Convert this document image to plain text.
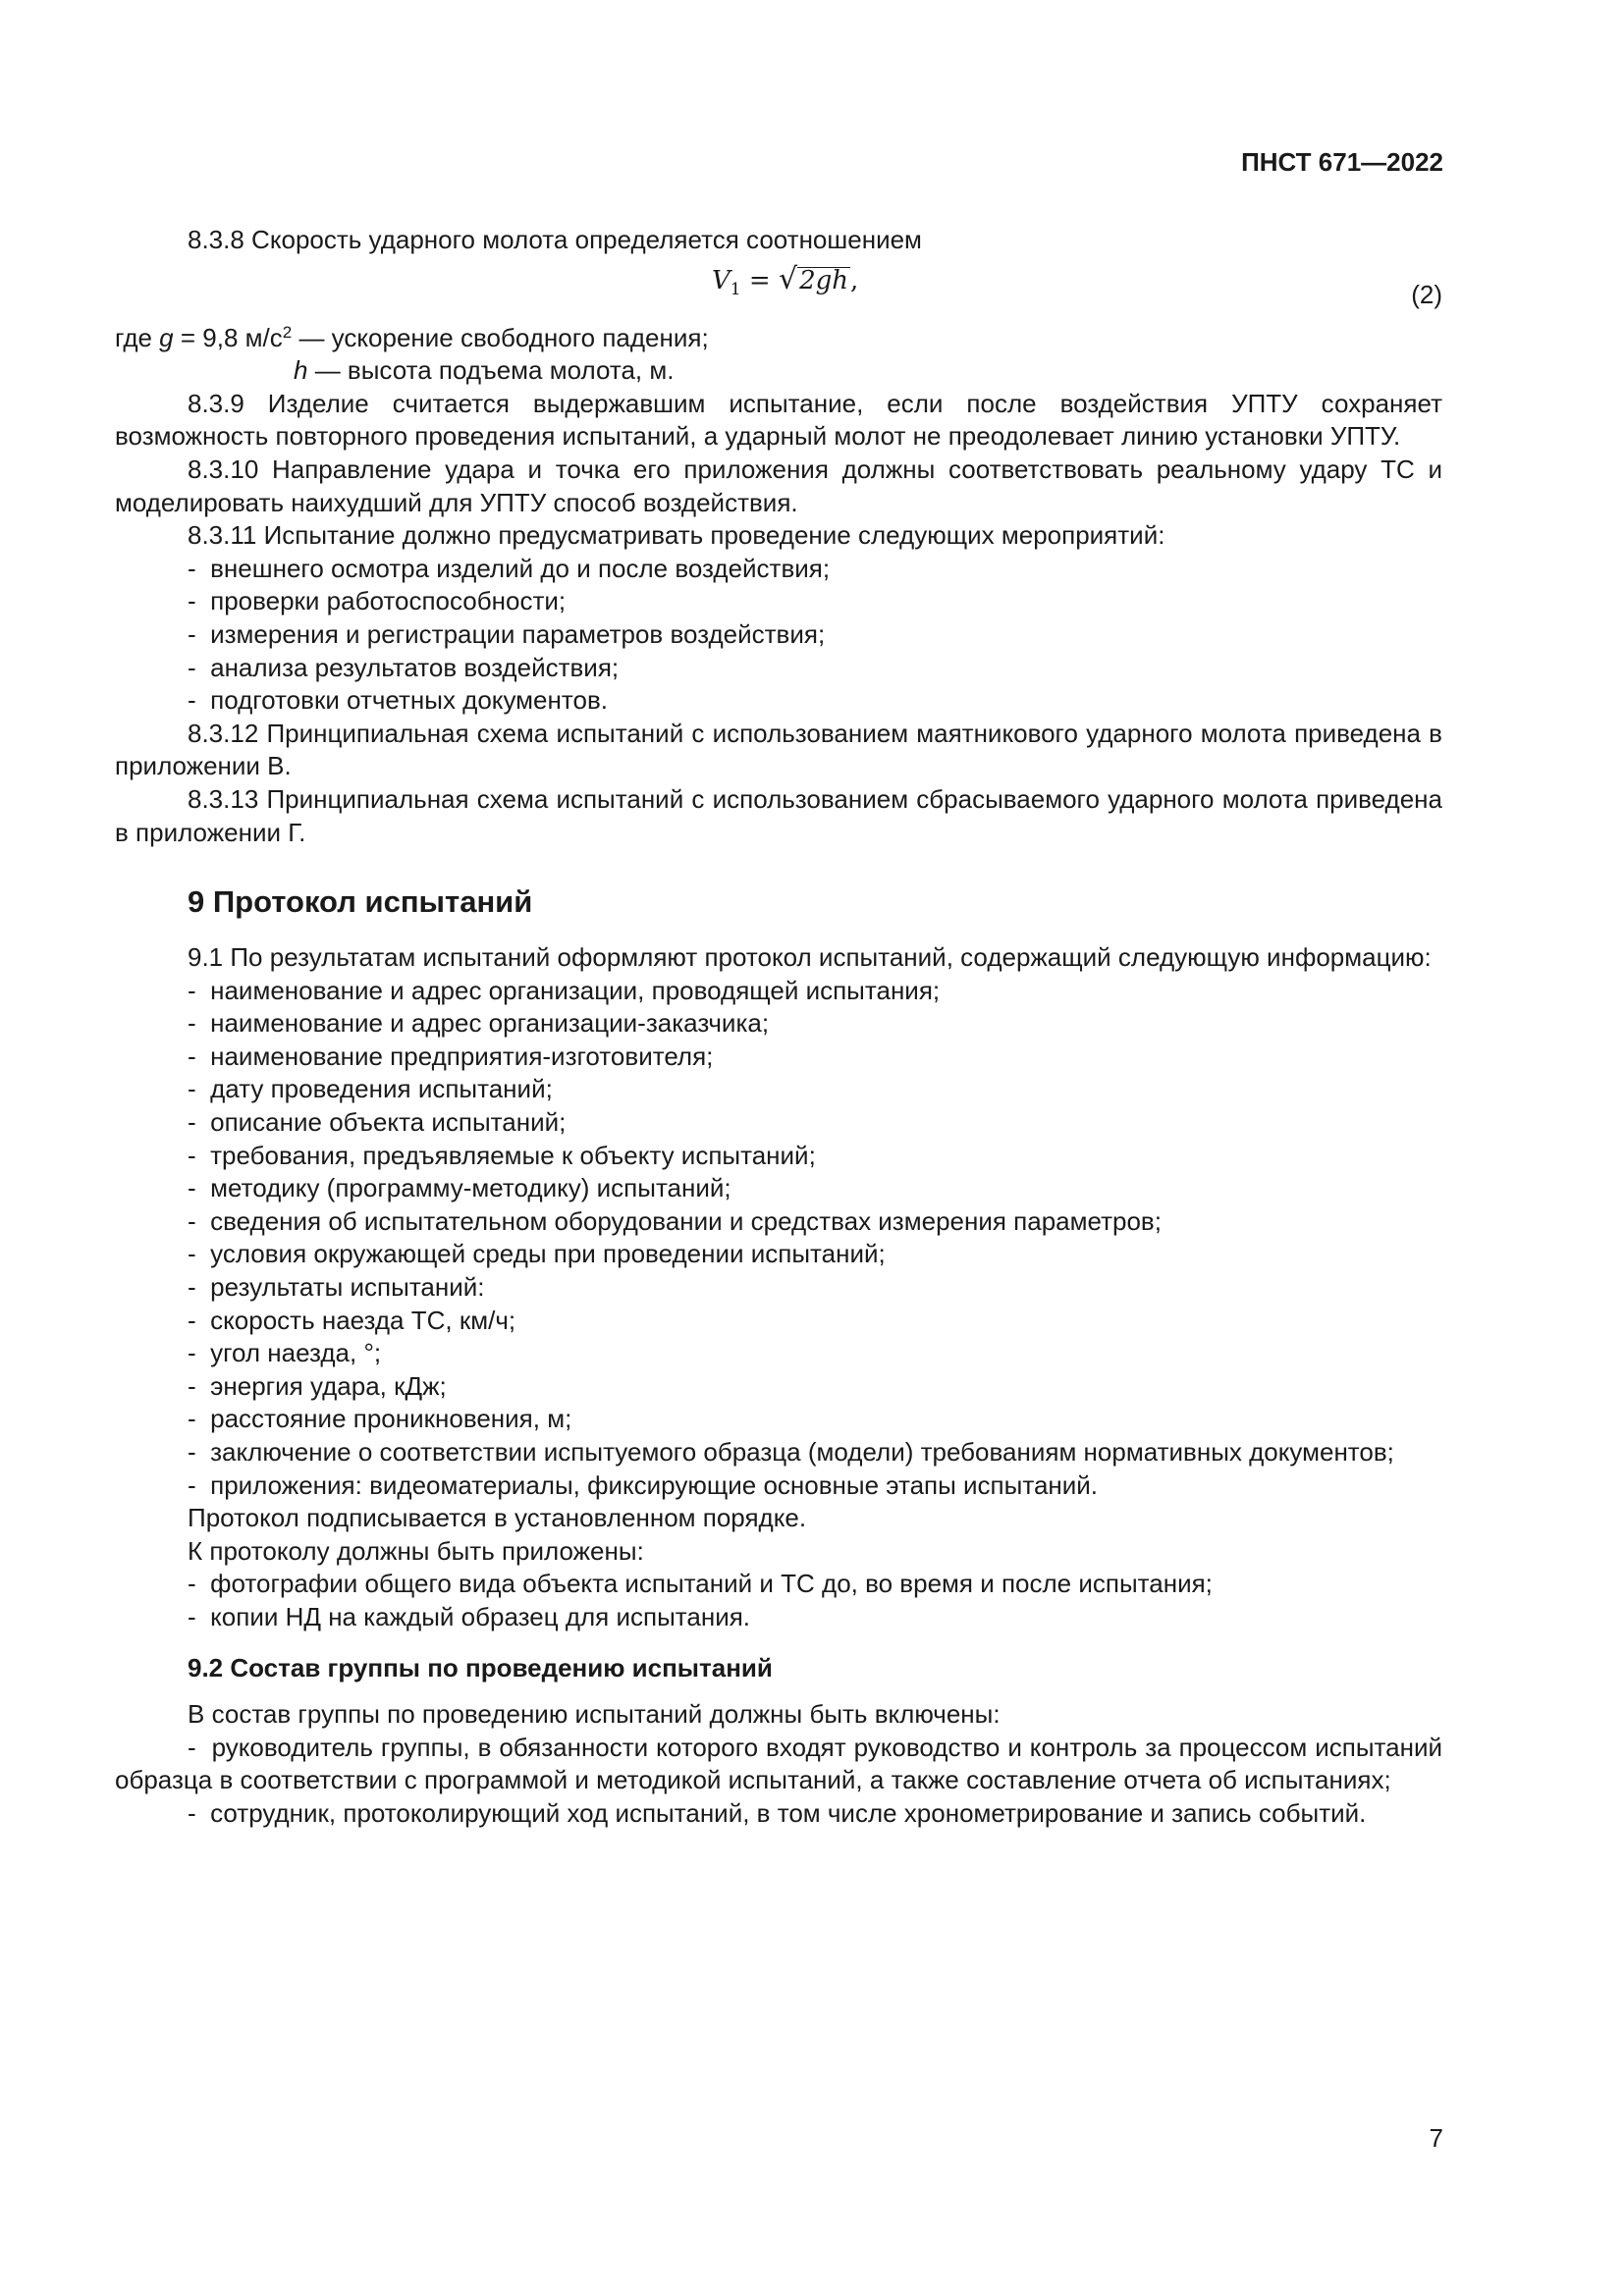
ПНСТ 671—2022

8.3.8 Скорость ударного молота определяется соотношением

$V_1 = √2gh$,	(2)

где g = 9,8 $м/с^2$ — ускорение свободного падения;

h — высота подъема молота, м.

8.3.9 Изделие считается выдержавшим испытание, если после воздействия УПТУ сохраняет возможность повторного проведения испытаний, а ударный молот не преодолевает линию установки УПТУ.

8.3.10 Направление удара и точка его приложения должны соответствовать реальному удару ТС и моделировать наихудший для УПТУ способ воздействия.

8.3.11 Испытание должно предусматривать проведение следующих мероприятий:

-  внешнего осмотра изделий до и после воздействия;
-  проверки работоспособности;
-  измерения и регистрации параметров воздействия;
-  анализа результатов воздействия;
-  подготовки отчетных документов.

8.3.12 Принципиальная схема испытаний с использованием маятникового ударного молота приведена в приложении В.

8.3.13 Принципиальная схема испытаний с использованием сбрасываемого ударного молота приведена в приложении Г.

9 Протокол испытаний

9.1 По результатам испытаний оформляют протокол испытаний, содержащий следующую информацию:

-  наименование и адрес организации, проводящей испытания;
-  наименование и адрес организации-заказчика;
-  наименование предприятия-изготовителя;
-  дату проведения испытаний;
-  описание объекта испытаний;
-  требования, предъявляемые к объекту испытаний;
-  методику (программу-методику) испытаний;
-  сведения об испытательном оборудовании и средствах измерения параметров;
-  условия окружающей среды при проведении испытаний;
-  результаты испытаний:
-  скорость наезда ТС, км/ч;
-  угол наезда, °;
-  энергия удара, кДж;
-  расстояние проникновения, м;
-  заключение о соответствии испытуемого образца (модели) требованиям нормативных документов;
-  приложения: видеоматериалы, фиксирующие основные этапы испытаний.

Протокол подписывается в установленном порядке.

К протоколу должны быть приложены:

-  фотографии общего вида объекта испытаний и ТС до, во время и после испытания;
-  копии НД на каждый образец для испытания.
9.2 Состав группы по проведению испытаний

В состав группы по проведению испытаний должны быть включены:

-  руководитель группы, в обязанности которого входят руководство и контроль за процессом испытаний образца в соответствии с программой и методикой испытаний, а также составление отчета об испытаниях;
-  сотрудник, протоколирующий ход испытаний, в том числе хронометрирование и запись событий.
7
